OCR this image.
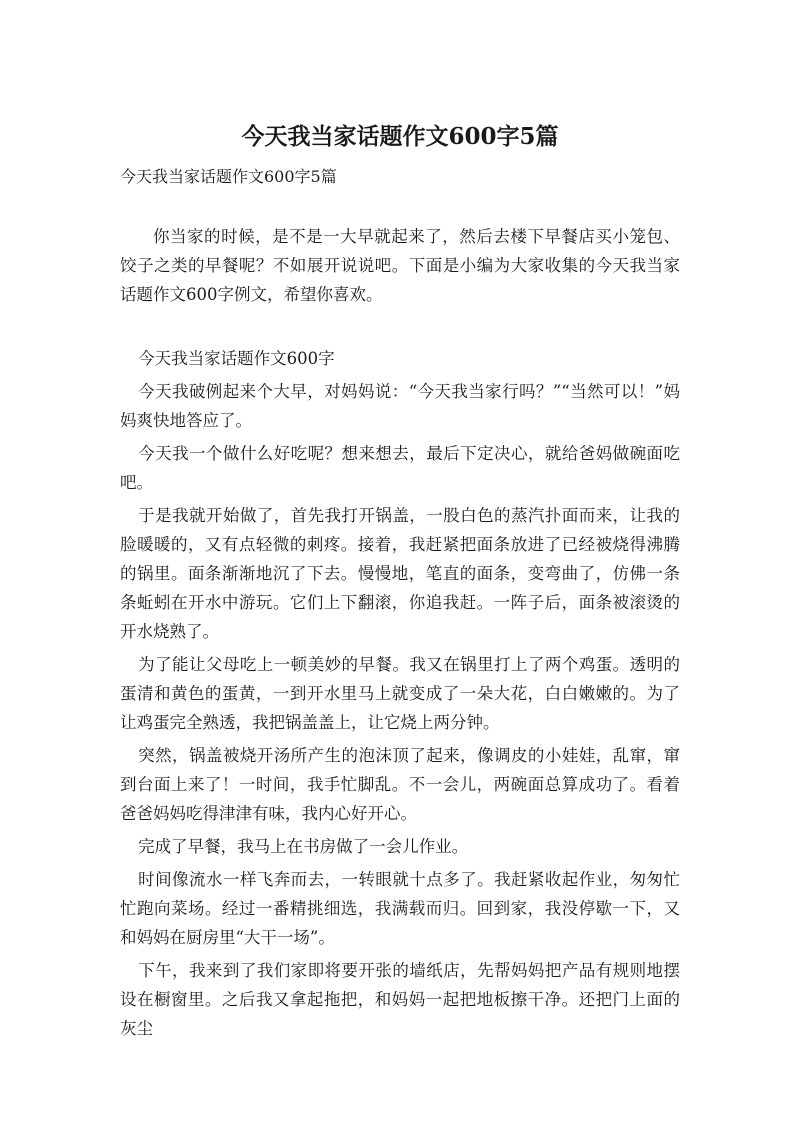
今天我当家话题作文600字5篇
今天我当家话题作文600字5篇

你当家的时候，是不是一大早就起来了，然后去楼下早餐店买小笼包、饺子之类的早餐呢？不如展开说说吧。下面是小编为大家收集的今天我当家话题作文600字例文，希望你喜欢。

今天我当家话题作文600字

今天我破例起来个大早，对妈妈说：“今天我当家行吗？”“当然可以！”妈妈爽快地答应了。

今天我一个做什么好吃呢？想来想去，最后下定决心，就给爸妈做碗面吃吧。

于是我就开始做了，首先我打开锅盖，一股白色的蒸汽扑面而来，让我的脸暖暖的，又有点轻微的刺疼。接着，我赶紧把面条放进了已经被烧得沸腾的锅里。面条渐渐地沉了下去。慢慢地，笔直的面条，变弯曲了，仿佛一条条蚯蚓在开水中游玩。它们上下翻滚，你追我赶。一阵子后，面条被滚烫的开水烧熟了。

为了能让父母吃上一顿美妙的早餐。我又在锅里打上了两个鸡蛋。透明的蛋清和黄色的蛋黄，一到开水里马上就变成了一朵大花，白白嫩嫩的。为了让鸡蛋完全熟透，我把锅盖盖上，让它烧上两分钟。

突然，锅盖被烧开汤所产生的泡沫顶了起来，像调皮的小娃娃，乱窜，窜到台面上来了！一时间，我手忙脚乱。不一会儿，两碗面总算成功了。看着爸爸妈妈吃得津津有味，我内心好开心。

完成了早餐，我马上在书房做了一会儿作业。

时间像流水一样飞奔而去，一转眼就十点多了。我赶紧收起作业，匆匆忙忙跑向菜场。经过一番精挑细选，我满载而归。回到家，我没停歇一下，又和妈妈在厨房里“大干一场”。

下午，我来到了我们家即将要开张的墙纸店，先帮妈妈把产品有规则地摆设在橱窗里。之后我又拿起拖把，和妈妈一起把地板擦干净。还把门上面的灰尘
